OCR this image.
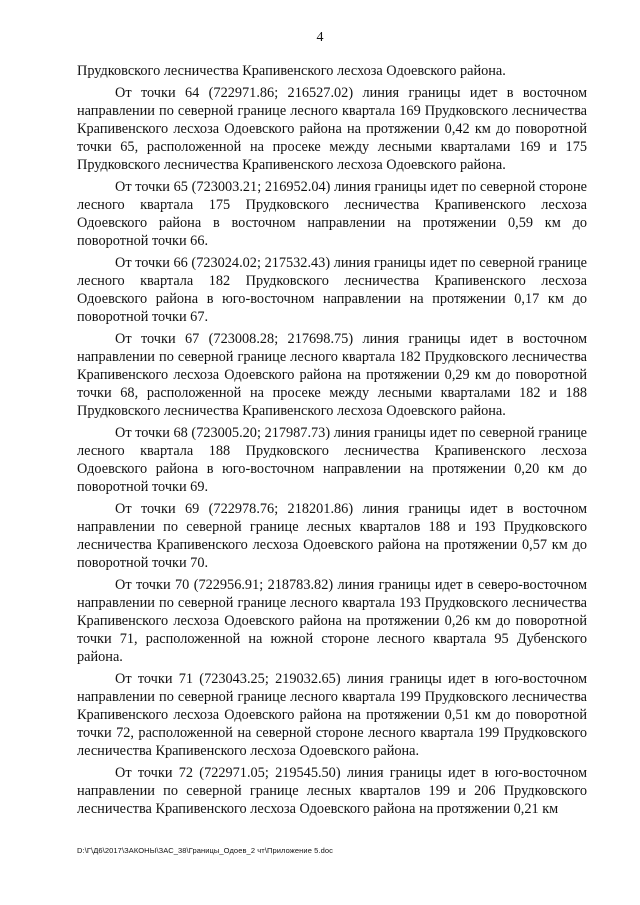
4

Прудковского лесничества Крапивенского лесхоза Одоевского района.

От точки 64 (722971.86; 216527.02) линия границы идет в восточном направлении по северной границе лесного квартала 169 Прудковского лесничества Крапивенского лесхоза Одоевского района на протяжении 0,42 км до поворотной точки 65, расположенной на просеке между лесными кварталами 169 и 175 Прудковского лесничества Крапивенского лесхоза Одоевского района.

От точки 65 (723003.21; 216952.04) линия границы идет по северной стороне лесного квартала 175 Прудковского лесничества Крапивенского лесхоза Одоевского района в восточном направлении на протяжении 0,59 км до поворотной точки 66.

От точки 66 (723024.02; 217532.43) линия границы идет по северной границе лесного квартала 182 Прудковского лесничества Крапивенского лесхоза Одоевского района в юго-восточном направлении на протяжении 0,17 км до поворотной точки 67.

От точки 67 (723008.28; 217698.75) линия границы идет в восточном направлении по северной границе лесного квартала 182 Прудковского лесничества Крапивенского лесхоза Одоевского района на протяжении 0,29 км до поворотной точки 68, расположенной на просеке между лесными кварталами 182 и 188 Прудковского лесничества Крапивенского лесхоза Одоевского района.

От точки 68 (723005.20; 217987.73) линия границы идет по северной границе лесного квартала 188 Прудковского лесничества Крапивенского лесхоза Одоевского района в юго-восточном направлении на протяжении 0,20 км до поворотной точки 69.

От точки 69 (722978.76; 218201.86) линия границы идет в восточном направлении по северной границе лесных кварталов 188 и 193 Прудковского лесничества Крапивенского лесхоза Одоевского района на протяжении 0,57 км до поворотной точки 70.

От точки 70 (722956.91; 218783.82) линия границы идет в северо-восточном направлении по северной границе лесного квартала 193 Прудковского лесничества Крапивенского лесхоза Одоевского района на протяжении 0,26 км до поворотной точки 71, расположенной на южной стороне лесного квартала 95 Дубенского района.

От точки 71 (723043.25; 219032.65) линия границы идет в юго-восточном направлении по северной границе лесного квартала 199 Прудковского лесничества Крапивенского лесхоза Одоевского района на протяжении 0,51 км до поворотной точки 72, расположенной на северной стороне лесного квартала 199 Прудковского лесничества Крапивенского лесхоза Одоевского района.

От точки 72 (722971.05; 219545.50) линия границы идет в юго-восточном направлении по северной границе лесных кварталов 199 и 206 Прудковского лесничества Крапивенского лесхоза Одоевского района на протяжении 0,21 км

D:\Г\Д6\2017\ЗАКОНЫ\ЗАС_38\Границы_Одоев_2 чт\Приложение 5.doc
